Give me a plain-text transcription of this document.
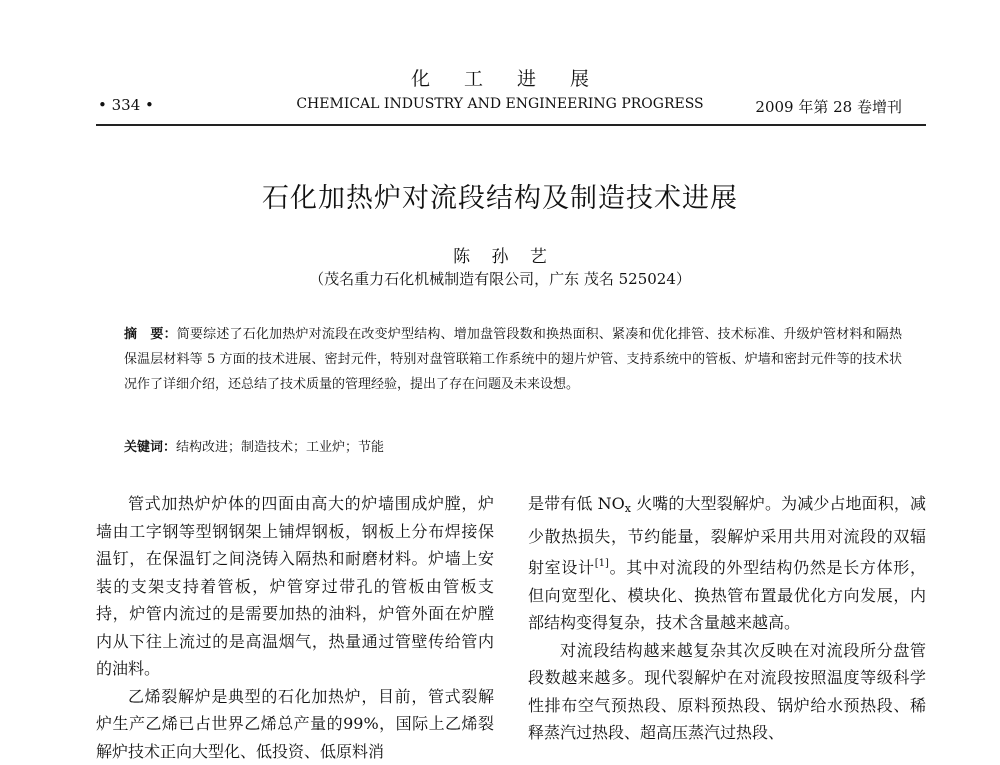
化工进展
• 334 •	CHEMICAL INDUSTRY AND ENGINEERING PROGRESS	2009 年第 28 卷增刊
石化加热炉对流段结构及制造技术进展
陈 孙 艺
（茂名重力石化机械制造有限公司，广东 茂名 525024）
摘　要：简要综述了石化加热炉对流段在改变炉型结构、增加盘管段数和换热面积、紧凑和优化排管、技术标准、升级炉管材料和隔热保温层材料等 5 方面的技术进展、密封元件，特别对盘管联箱工作系统中的翅片炉管、支持系统中的管板、炉墙和密封元件等的技术状况作了详细介绍，还总结了技术质量的管理经验，提出了存在问题及未来设想。
关键词：结构改进；制造技术；工业炉；节能

管式加热炉炉体的四面由高大的炉墙围成炉膛，炉墙由工字钢等型钢钢架上铺焊钢板，钢板上分布焊接保温钉，在保温钉之间浇铸入隔热和耐磨材料。炉墙上安装的支架支持着管板，炉管穿过带孔的管板由管板支持，炉管内流过的是需要加热的油料，炉管外面在炉膛内从下往上流过的是高温烟气，热量通过管壁传给管内的油料。

乙烯裂解炉是典型的石化加热炉，目前，管式裂解炉生产乙烯已占世界乙烯总产量的99%，国际上乙烯裂解炉技术正向大型化、低投资、低原料消

是带有低 $NO_x$ 火嘴的大型裂解炉。为减少占地面积，减少散热损失，节约能量，裂解炉采用共用对流段的双辐射室设计[1]。其中对流段的外型结构仍然是长方体形，但向宽型化、模块化、换热管布置最优化方向发展，内部结构变得复杂，技术含量越来越高。

对流段结构越来越复杂其次反映在对流段所分盘管段数越来越多。现代裂解炉在对流段按照温度等级科学性排布空气预热段、原料预热段、锅炉给水预热段、稀释蒸汽过热段、超高压蒸汽过热段、
